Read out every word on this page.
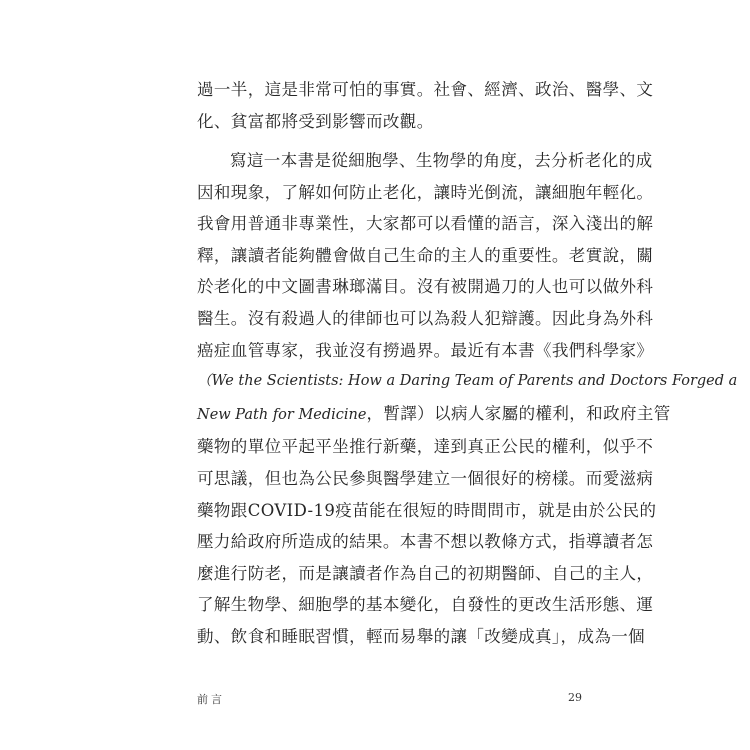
過一半，這是非常可怕的事實。社會、經濟、政治、醫學、文
化、貧富都將受到影響而改觀。
寫這一本書是從細胞學、生物學的角度，去分析老化的成
因和現象，了解如何防止老化，讓時光倒流，讓細胞年輕化。
我會用普通非專業性，大家都可以看懂的語言，深入淺出的解
釋，讓讀者能夠體會做自己生命的主人的重要性。老實說，關
於老化的中文圖書琳瑯滿目。沒有被開過刀的人也可以做外科
醫生。沒有殺過人的律師也可以為殺人犯辯護。因此身為外科
癌症血管專家，我並沒有撈過界。最近有本書《我們科學家》
（We the Scientists: How a Daring Team of Parents and Doctors Forged a
New Path for Medicine，暫譯）以病人家屬的權利，和政府主管
藥物的單位平起平坐推行新藥，達到真正公民的權利，似乎不
可思議，但也為公民參與醫學建立一個很好的榜樣。而愛滋病
藥物跟COVID-19疫苗能在很短的時間問市，就是由於公民的
壓力給政府所造成的結果。本書不想以教條方式，指導讀者怎
麼進行防老，而是讓讀者作為自己的初期醫師、自己的主人，
了解生物學、細胞學的基本變化，自發性的更改生活形態、運
動、飲食和睡眠習慣，輕而易舉的讓「改變成真」，成為一個
前言	29
